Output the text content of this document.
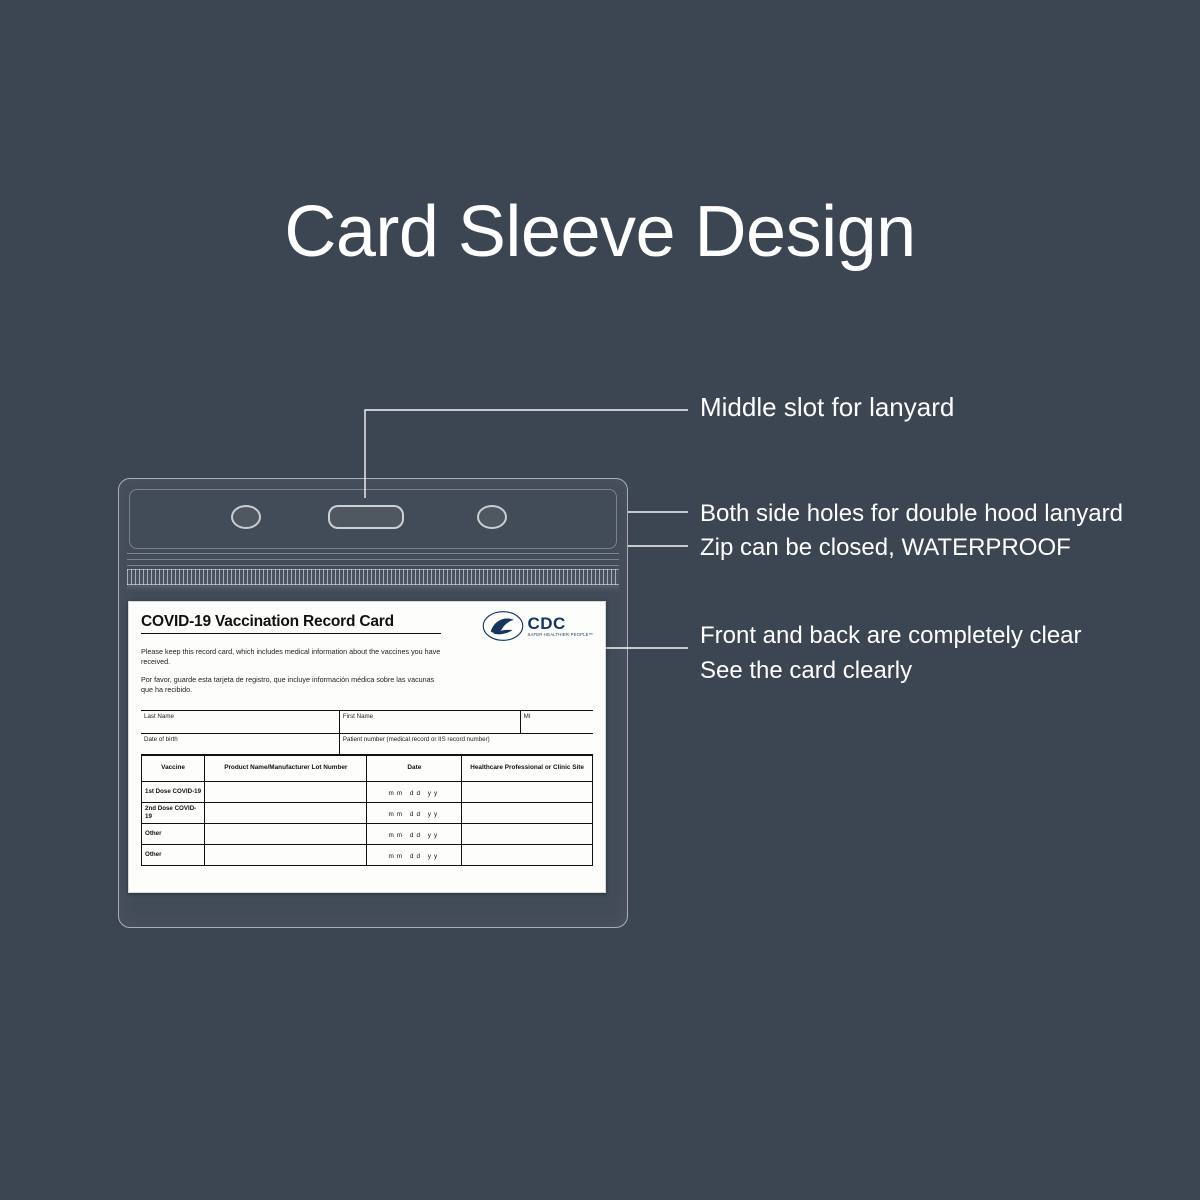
Card Sleeve Design
Middle slot for lanyard
Both side holes for double hood lanyard
Zip can be closed, WATERPROOF
Front and back are completely clear
See the card clearly
COVID-19 Vaccination Record Card	CDC
SAFER·HEALTHIER·PEOPLE™
Please keep this record card, which includes medical information about the vaccines you have received.
Por favor, guarde esta tarjeta de registro, que incluye información médica sobre las vacunas que ha recibido.
Last Name	First Name	MI
Date of birth	Patient number (medical record or IIS record number)
Vaccine	Product Name/Manufacturer Lot Number	Date	Healthcare Professional or Clinic Site
1st Dose COVID-19		mm dd yy	
2nd Dose COVID-19		mm dd yy	
Other		mm dd yy	
Other		mm dd yy	
